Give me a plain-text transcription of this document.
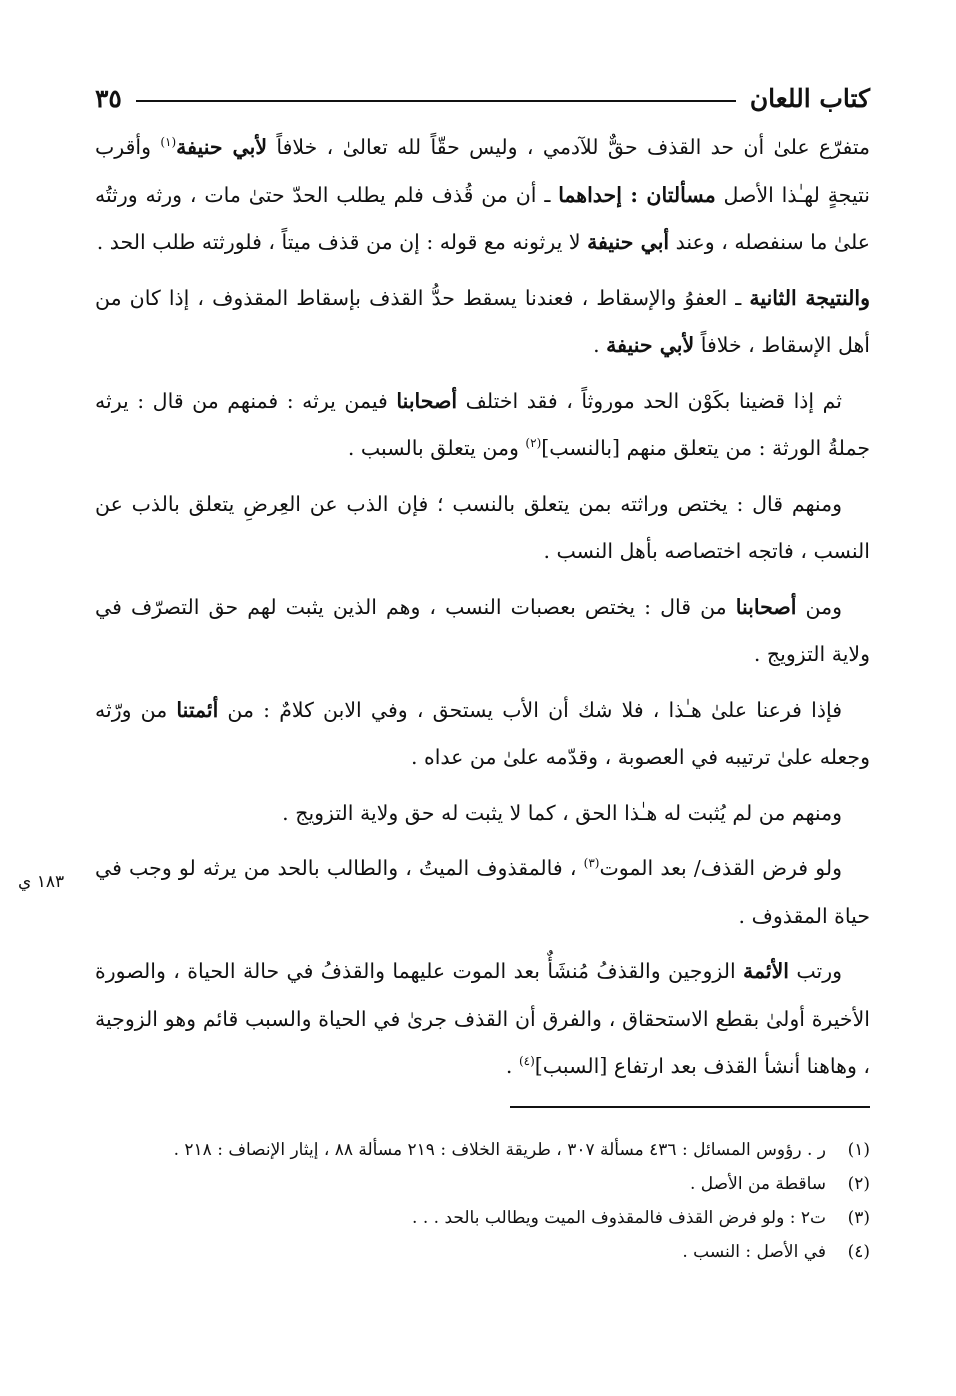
كتاب اللعان
٣٥

متفرّع علىٰ أن حد القذف حقٌّ للآدمي ، وليس حقّاً لله تعالىٰ ، خلافاً لأبي حنيفة$^{(١)}$ وأقرب نتيجةٍ لهـٰذا الأصل مسألتان : إحداهما ـ أن من قُذف فلم يطلب الحدّ حتىٰ مات ، ورثه ورثتُه علىٰ ما سنفصله ، وعند أبي حنيفة لا يرثونه مع قوله : إن من قذف ميتاً ، فلورثته طلب الحد .

والنتيجة الثانية ـ العفوُ والإسقاط ، فعندنا يسقط حدُّ القذف بإسقاط المقذوف ، إذا كان من أهل الإسقاط ، خلافاً لأبي حنيفة .

ثم إذا قضينا بكَوْن الحد موروثاً ، فقد اختلف أصحابنا فيمن يرثه : فمنهم من قال : يرثه جملةُ الورثة : من يتعلق منهم [بالنسب]$^{(٢)}$ ومن يتعلق بالسبب .

ومنهم قال : يختص وراثته بمن يتعلق بالنسب ؛ فإن الذب عن العِرضِ يتعلق بالذب عن النسب ، فاتجه اختصاصه بأهل النسب .

ومن أصحابنا من قال : يختص بعصبات النسب ، وهم الذين يثبت لهم حق التصرّف في ولاية التزويج .

فإذا فرعنا علىٰ هـٰذا ، فلا شك أن الأب يستحق ، وفي الابن كلامٌ : من أئمتنا من ورّثه وجعله علىٰ ترتيبه في العصوبة ، وقدّمه علىٰ من عداه .

ومنهم من لم يُثبت له هـٰذا الحق ، كما لا يثبت له حق ولاية التزويج .

ولو فرض القذف/ بعد الموت$^{(٣)}$ ، فالمقذوف الميتُ ، والطالب بالحد من يرثه لو وجب في حياة المقذوف .

ورتب الأئمة الزوجين والقذفُ مُنشَأٌ بعد الموت عليهما والقذفُ في حالة الحياة ، والصورة الأخيرة أولىٰ بقطع الاستحقاق ، والفرق أن القذف جرىٰ في الحياة والسبب قائم وهو الزوجية ، وهاهنا أنشأ القذف بعد ارتفاع [السبب]$^{(٤)}$ .

١٨٣ ي
(١)
ر . رؤوس المسائل : ٤٣٦ مسألة ٣٠٧ ، طريقة الخلاف : ٢١٩ مسألة ٨٨ ، إيثار الإنصاف : ٢١٨ .
(٢)
ساقطة من الأصل .
(٣)
ت٢ : ولو فرض القذف فالمقذوف الميت ويطالب بالحد . . .
(٤)
في الأصل : النسب .
